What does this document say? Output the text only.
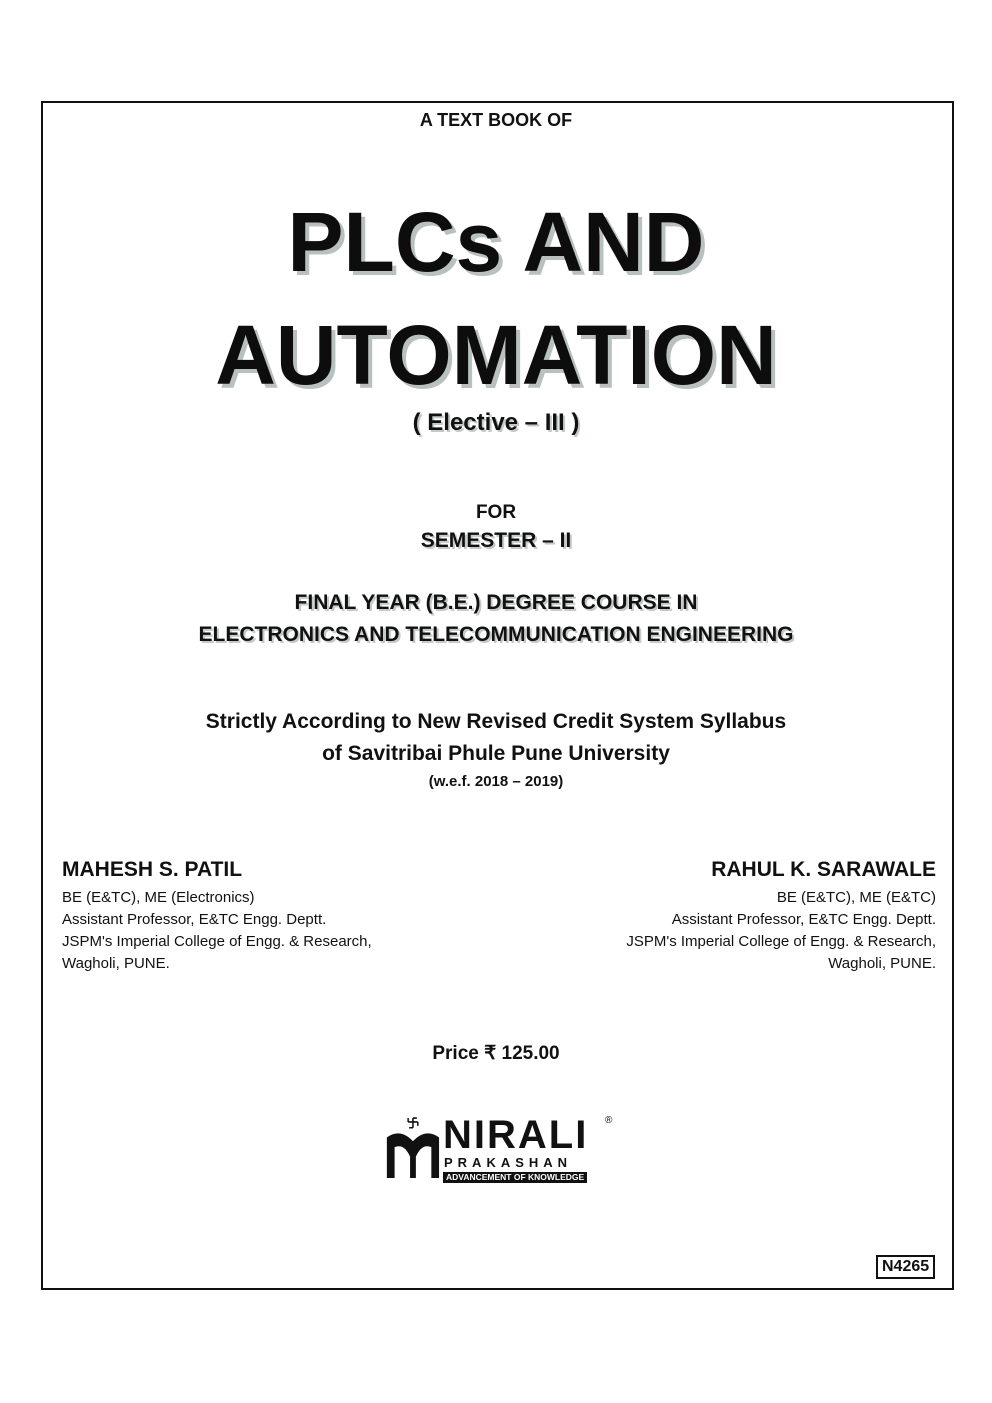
A TEXT BOOK OF
PLCs AND
AUTOMATION
( Elective – III )
FOR
SEMESTER – II
FINAL YEAR (B.E.) DEGREE COURSE IN
ELECTRONICS AND TELECOMMUNICATION ENGINEERING
Strictly According to New Revised Credit System Syllabus
of Savitribai Phule Pune University
(w.e.f. 2018 – 2019)
MAHESH S. PATIL
BE (E&TC), ME (Electronics)
Assistant Professor, E&TC Engg. Deptt.
JSPM's Imperial College of Engg. & Research,
Wagholi, PUNE.
RAHUL K. SARAWALE
BE (E&TC), ME (E&TC)
Assistant Professor, E&TC Engg. Deptt.
JSPM's Imperial College of Engg. & Research,
Wagholi, PUNE.
Price ₹ 125.00
NIRALI ®
PRAKASHAN
ADVANCEMENT OF KNOWLEDGE
N4265
